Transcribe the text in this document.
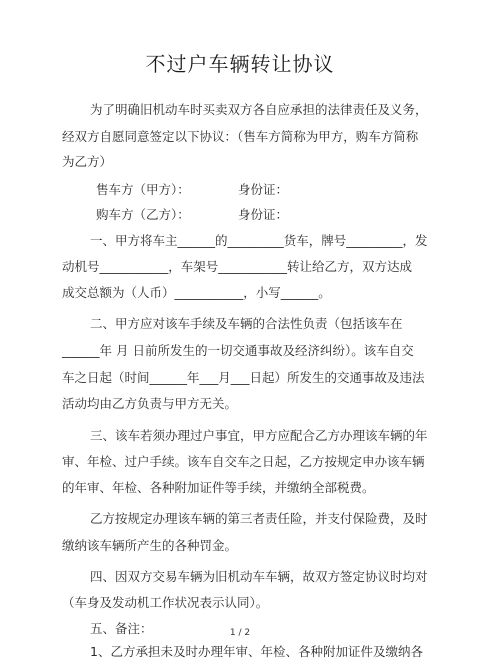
不过户车辆转让协议
为了明确旧机动车时买卖双方各自应承担的法律责任及义务，
经双方自愿同意签定以下协议：（售车方简称为甲方，购车方简称
为乙方）
售车方（甲方）：	身份证：
购车方（乙方）：	身份证：
一、甲方将车主______的_________货车，牌号_________，发
动机号___________，车架号___________转让给乙方，双方达成
成交总额为（人币）___________，小写______。
二、甲方应对该车手续及车辆的合法性负责（包括该车在
______年 月 日前所发生的一切交通事故及经济纠纷）。该车自交
车之日起（时间______年___月___日起）所发生的交通事故及违法
活动均由乙方负责与甲方无关。
三、该车若须办理过户事宜，甲方应配合乙方办理该车辆的年
审、年检、过户手续。该车自交车之日起，乙方按规定申办该车辆
的年审、年检、各种附加证件等手续，并缴纳全部税费。
乙方按规定办理该车辆的第三者责任险，并支付保险费，及时
缴纳该车辆所产生的各种罚金。
四、因双方交易车辆为旧机动车车辆，故双方签定协议时均对
（车身及发动机工作状况表示认同）。
五、备注：
1、乙方承担未及时办理年审、年检、各种附加证件及缴纳各
1 / 2
